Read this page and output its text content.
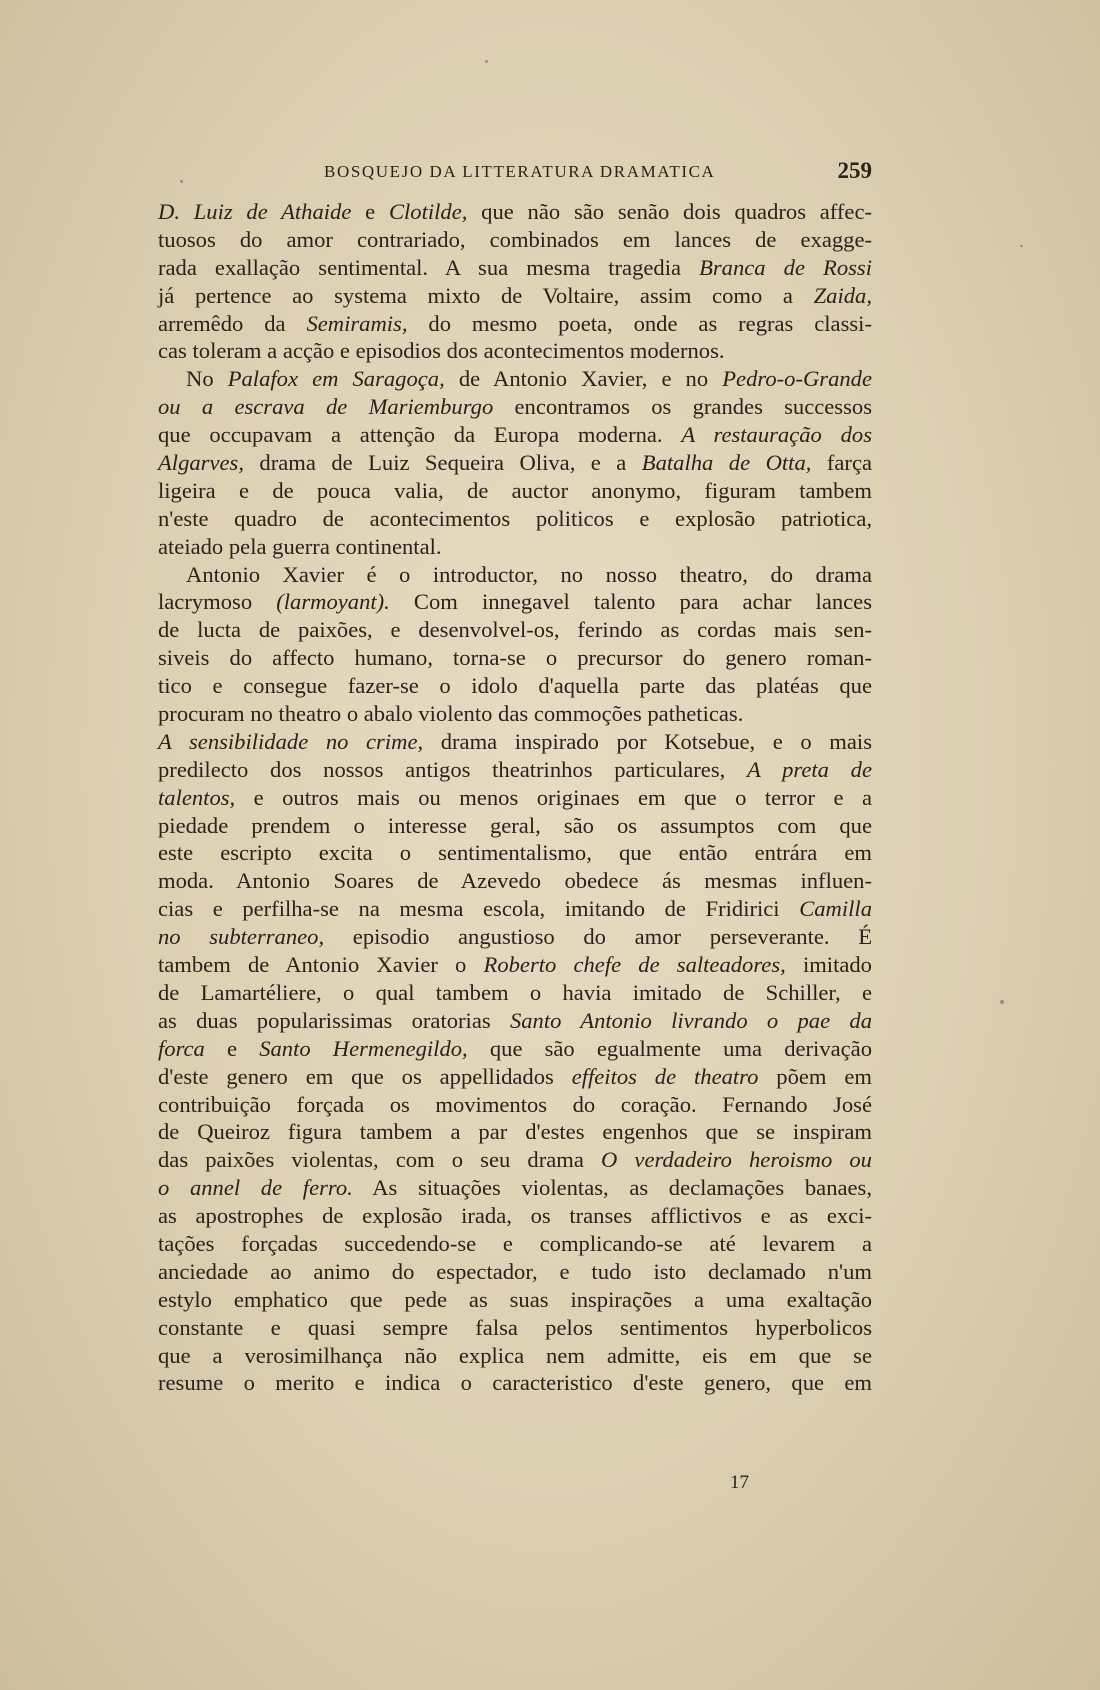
BOSQUEJO DA LITTERATURA DRAMATICA	259
D. Luiz de Athaide e Clotilde, que não são senão dois quadros affec-
tuosos do amor contrariado, combinados em lances de exagge-
rada exallação sentimental. A sua mesma tragedia Branca de Rossi
já pertence ao systema mixto de Voltaire, assim como a Zaida,
arremêdo da Semiramis, do mesmo poeta, onde as regras classi-
cas toleram a acção e episodios dos acontecimentos modernos.
No Palafox em Saragoça, de Antonio Xavier, e no Pedro-o-Grande
ou a escrava de Mariemburgo encontramos os grandes successos
que occupavam a attenção da Europa moderna. A restauração dos
Algarves, drama de Luiz Sequeira Oliva, e a Batalha de Otta, farça
ligeira e de pouca valia, de auctor anonymo, figuram tambem
n'este quadro de acontecimentos politicos e explosão patriotica,
ateiado pela guerra continental.
Antonio Xavier é o introductor, no nosso theatro, do drama
lacrymoso (larmoyant). Com innegavel talento para achar lances
de lucta de paixões, e desenvolvel-os, ferindo as cordas mais sen-
siveis do affecto humano, torna-se o precursor do genero roman-
tico e consegue fazer-se o idolo d'aquella parte das platéas que
procuram no theatro o abalo violento das commoções patheticas.
A sensibilidade no crime, drama inspirado por Kotsebue, e o mais
predilecto dos nossos antigos theatrinhos particulares, A preta de
talentos, e outros mais ou menos originaes em que o terror e a
piedade prendem o interesse geral, são os assumptos com que
este escripto excita o sentimentalismo, que então entrára em
moda. Antonio Soares de Azevedo obedece ás mesmas influen-
cias e perfilha-se na mesma escola, imitando de Fridirici Camilla
no subterraneo, episodio angustioso do amor perseverante. É
tambem de Antonio Xavier o Roberto chefe de salteadores, imitado
de Lamartéliere, o qual tambem o havia imitado de Schiller, e
as duas popularissimas oratorias Santo Antonio livrando o pae da
forca e Santo Hermenegildo, que são egualmente uma derivação
d'este genero em que os appellidados effeitos de theatro põem em
contribuição forçada os movimentos do coração. Fernando José
de Queiroz figura tambem a par d'estes engenhos que se inspiram
das paixões violentas, com o seu drama O verdadeiro heroismo ou
o annel de ferro. As situações violentas, as declamações banaes,
as apostrophes de explosão irada, os transes afflictivos e as exci-
tações forçadas succedendo-se e complicando-se até levarem a
anciedade ao animo do espectador, e tudo isto declamado n'um
estylo emphatico que pede as suas inspirações a uma exaltação
constante e quasi sempre falsa pelos sentimentos hyperbolicos
que a verosimilhança não explica nem admitte, eis em que se
resume o merito e indica o caracteristico d'este genero, que em
17
